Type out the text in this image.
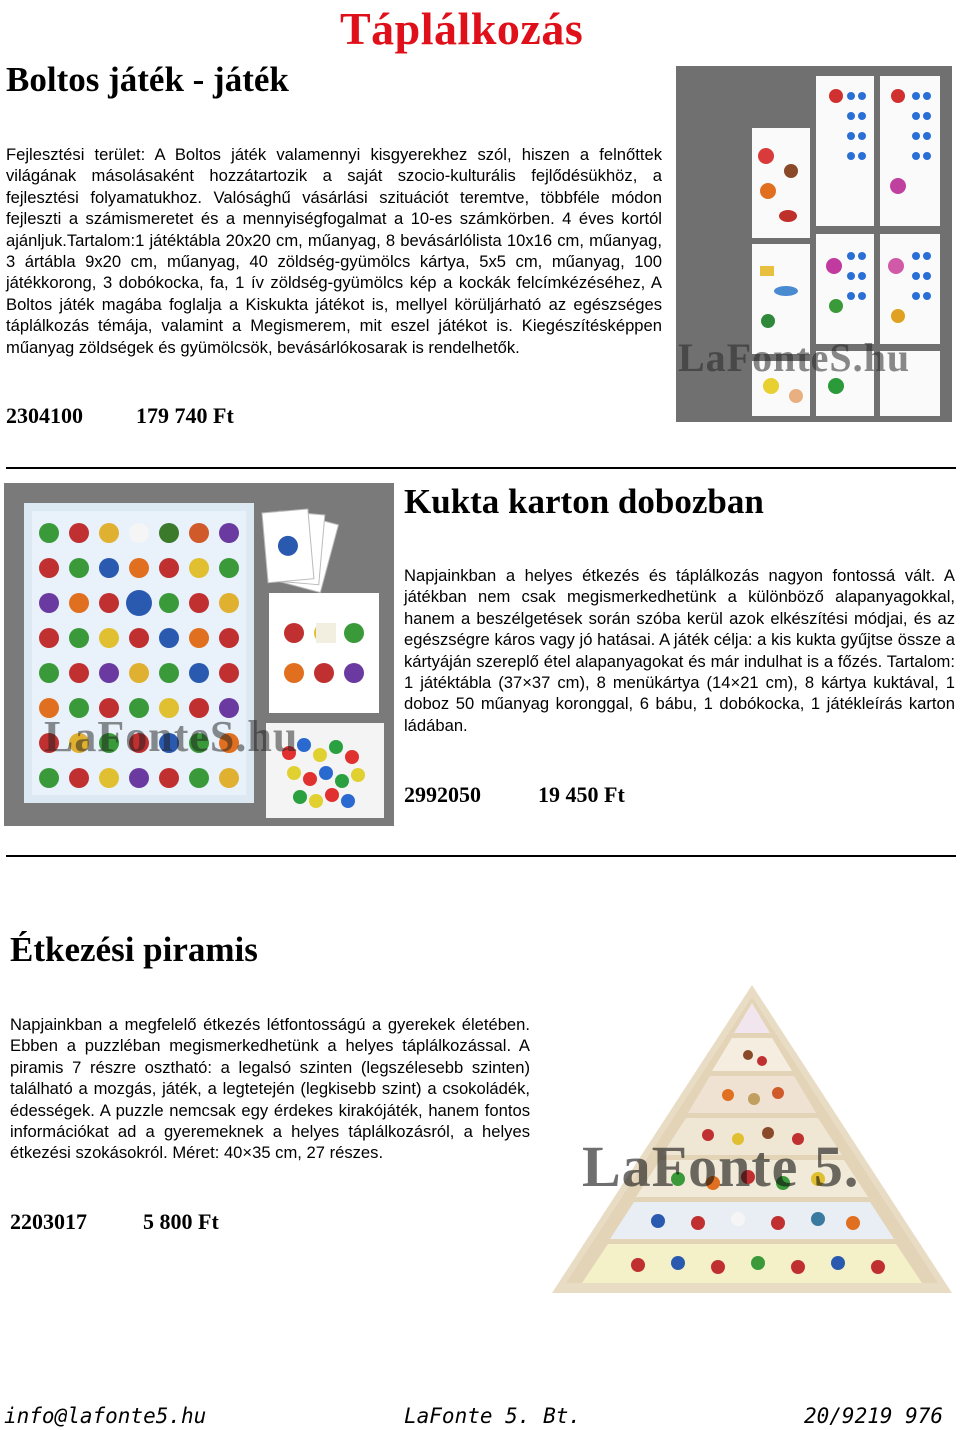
Táplálkozás
Boltos játék - játék
Fejlesztési terület: A Boltos játék valamennyi kisgyerekhez szól, hiszen a felnőttek világának másolásaként hozzátartozik a saját szocio-kulturális fejlődésükhöz, a fejlesztési folyamatukhoz. Valósághű vásárlási szituációt teremtve, többféle módon fejleszti a számismeretet és a mennyiségfogalmat a 10-es számkörben. 4 éves kortól ajánljuk.Tartalom:1 játéktábla 20x20 cm, műanyag, 8 bevásárlólista 10x16 cm, műanyag, 3 ártábla 9x20 cm, műanyag, 40 zöldség-gyümölcs kártya, 5x5 cm, műanyag, 100 játékkorong, 3 dobókocka, fa, 1 ív zöldség-gyümölcs kép a kockák felcímkézéséhez, A Boltos játék magába foglalja a Kiskukta játékot is, mellyel körüljárható az egészséges táplálkozás témája, valamint a Megismerem, mit eszel játékot is. Kiegészítésképpen műanyag zöldségek és gyümölcsök, bevásárlókosarak is rendelhetők.
2304100 179 740 Ft
LaFonteS.hu
LaFonteS.hu
Kukta karton dobozban
Napjainkban a helyes étkezés és táplálkozás nagyon fontossá vált. A játékban nem csak megismerkedhetünk a különböző alapanyagokkal, hanem a beszélgetések során szóba kerül azok elkészítési módjai, és az egészségre káros vagy jó hatásai. A játék célja: a kis kukta gyűjtse össze a kártyáján szereplő étel alapanyagokat és már indulhat is a főzés. Tartalom: 1 játéktábla (37×37 cm), 8 menükártya (14×21 cm), 8 kártya kuktával, 1 doboz 50 műanyag koronggal, 6 bábu, 1 dobókocka, 1 játékleírás karton ládában.
2992050	19 450 Ft
Étkezési piramis
Napjainkban a megfelelő étkezés létfontosságú a gyerekek életében. Ebben a puzzléban megismerkedhetünk a helyes táplálkozással. A piramis 7 részre osztható: a legalsó szinten (legszélesebb szinten) található a mozgás, játék, a legtetején (legkisebb szint) a csokoládék, édességek. A puzzle nemcsak egy érdekes kirakójáték, hanem fontos információkat ad a gyeremeknek a helyes táplálkozásról, a helyes étkezési szokásokról. Méret: 40×35 cm, 27 részes.
2203017	5 800 Ft
LaFonte 5.
info@lafonte5.hu	LaFonte 5. Bt.	20/9219 976
